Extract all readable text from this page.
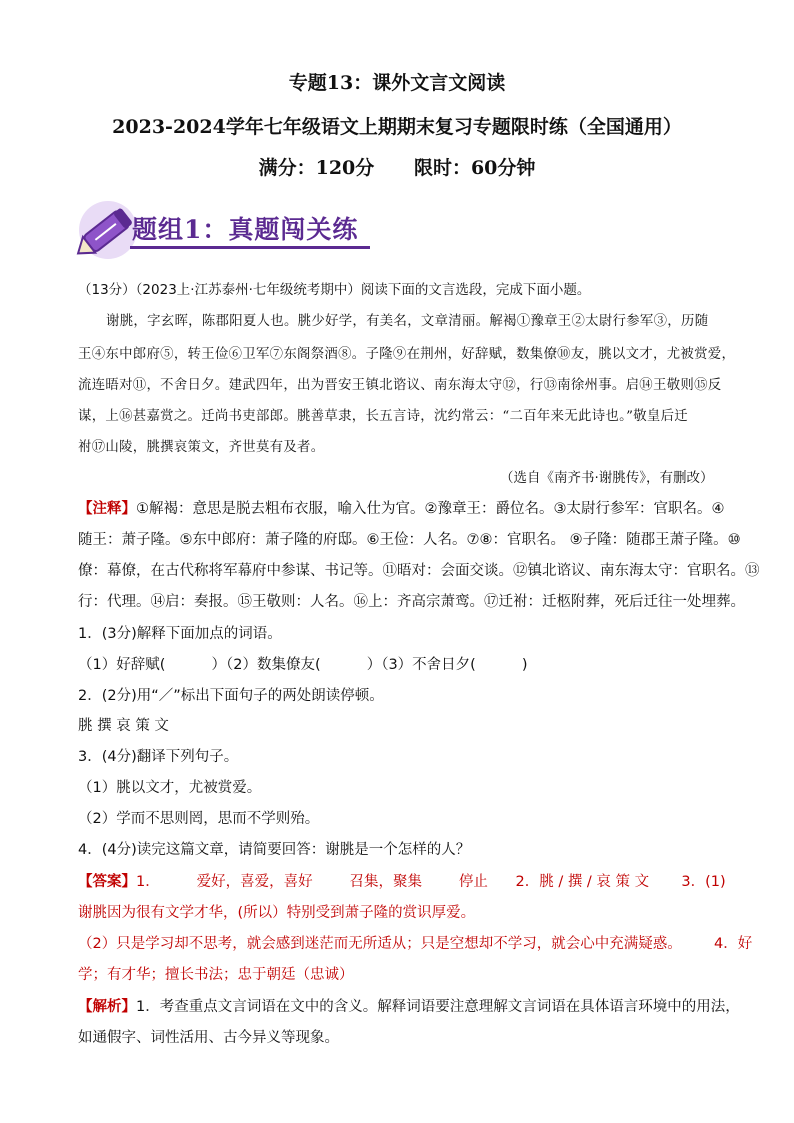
专题13：课外文言文阅读
2023-2024学年七年级语文上期期末复习专题限时练（全国通用）
满分：120分      限时：60分钟
题组1：真题闯关练
（13分）（2023上·江苏泰州·七年级统考期中）阅读下面的文言选段，完成下面小题。
谢朓，字玄晖，陈郡阳夏人也。朓少好学，有美名，文章清丽。解褐①豫章王②太尉行参军③，历随
王④东中郎府⑤，转王俭⑥卫军⑦东阁祭酒⑧。子隆⑨在荆州，好辞赋，数集僚⑩友，朓以文才，尤被赏爱，
流连晤对⑪，不舍日夕。建武四年，出为晋安王镇北谘议、南东海太守⑫，行⑬南徐州事。启⑭王敬则⑮反
谋，上⑯甚嘉赏之。迁尚书吏部郎。朓善草隶，长五言诗，沈约常云：“二百年来无此诗也。”敬皇后迁
祔⑰山陵，朓撰哀策文，齐世莫有及者。
（选自《南齐书·谢朓传》，有删改）
【注释】①解褐：意思是脱去粗布衣服，喻入仕为官。②豫章王：爵位名。③太尉行参军：官职名。④
随王：萧子隆。⑤东中郎府：萧子隆的府邸。⑥王俭：人名。⑦⑧：官职名。 ⑨子隆：随郡王萧子隆。⑩
僚：幕僚，在古代称将军幕府中参谋、书记等。⑪晤对：会面交谈。⑫镇北谘议、南东海太守：官职名。⑬
行：代理。⑭启：奏报。⑮王敬则：人名。⑯上：齐高宗萧鸾。⑰迁祔：迁柩附葬，死后迁往一处埋葬。
1．(3分)解释下面加点的词语。
（1）好辞赋(          ）（2）数集僚友(          ）（3）不舍日夕(          )
2．(2分)用“／”标出下面句子的两处朗读停顿。
朓 撰 哀 策 文
3．(4分)翻译下列句子。
（1）朓以文才，尤被赏爱。
（2）学而不思则罔，思而不学则殆。
4．(4分)读完这篇文章，请简要回答：谢朓是一个怎样的人？
【答案】1．        爱好，喜爱，喜好        召集，聚集        停止      2．朓 / 撰 / 哀 策 文       3．(1)
谢朓因为很有文学才华，(所以）特别受到萧子隆的赏识厚爱。
（2）只是学习却不思考，就会感到迷茫而无所适从；只是空想却不学习，就会心中充满疑惑。       4．好
学；有才华；擅长书法；忠于朝廷（忠诚）
【解析】1．考查重点文言词语在文中的含义。解释词语要注意理解文言词语在具体语言环境中的用法，
如通假字、词性活用、古今异义等现象。
